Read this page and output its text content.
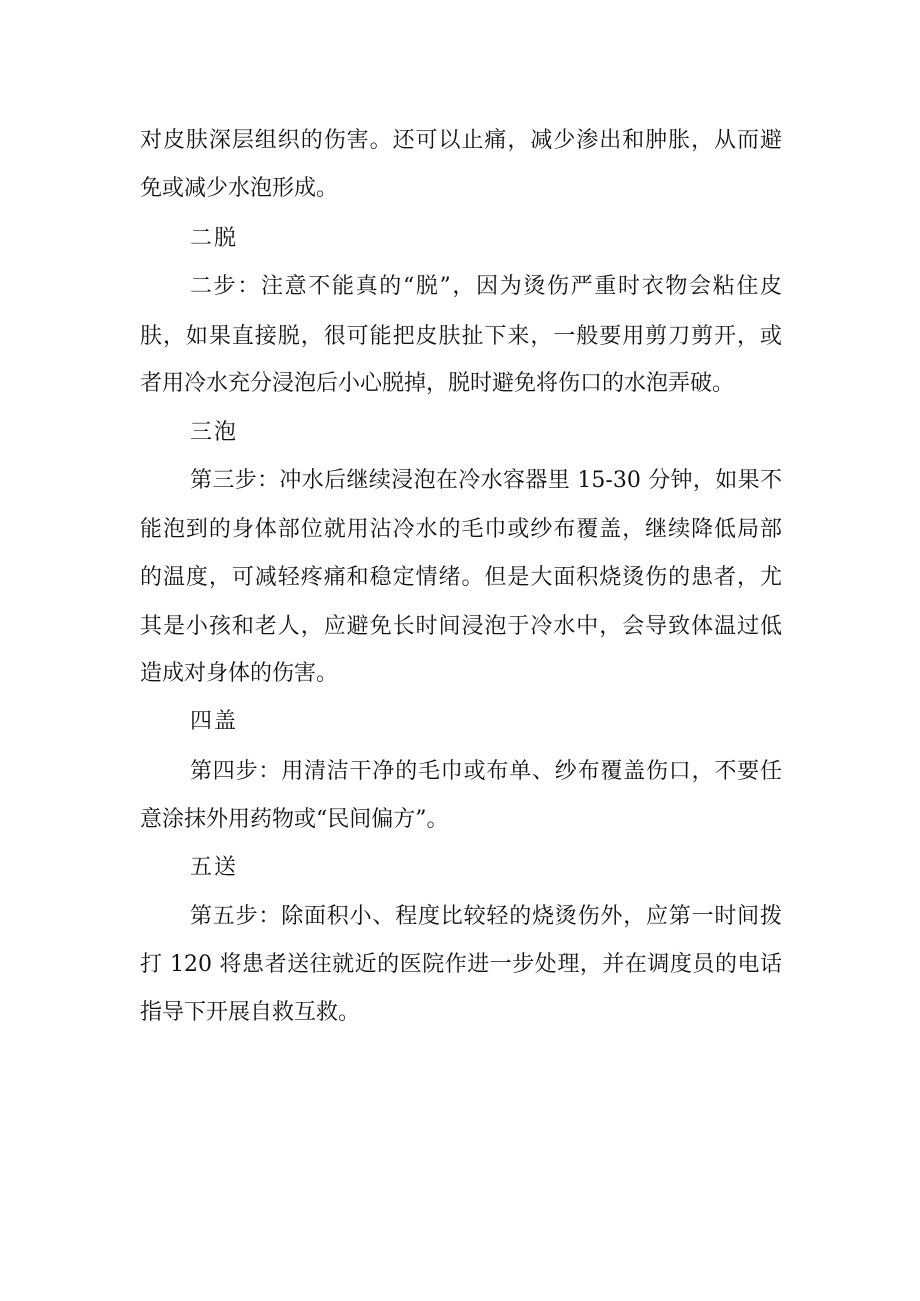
对皮肤深层组织的伤害。还可以止痛，减少渗出和肿胀，从而避

免或减少水泡形成。

二脱

二步：注意不能真的“脱”，因为烫伤严重时衣物会粘住皮

肤，如果直接脱，很可能把皮肤扯下来，一般要用剪刀剪开，或

者用冷水充分浸泡后小心脱掉，脱时避免将伤口的水泡弄破。

三泡

第三步：冲水后继续浸泡在冷水容器里 15-30 分钟，如果不

能泡到的身体部位就用沾冷水的毛巾或纱布覆盖，继续降低局部

的温度，可减轻疼痛和稳定情绪。但是大面积烧烫伤的患者，尤

其是小孩和老人，应避免长时间浸泡于冷水中，会导致体温过低

造成对身体的伤害。

四盖

第四步：用清洁干净的毛巾或布单、纱布覆盖伤口，不要任

意涂抹外用药物或“民间偏方”。

五送

第五步：除面积小、程度比较轻的烧烫伤外，应第一时间拨

打 120 将患者送往就近的医院作进一步处理，并在调度员的电话

指导下开展自救互救。
